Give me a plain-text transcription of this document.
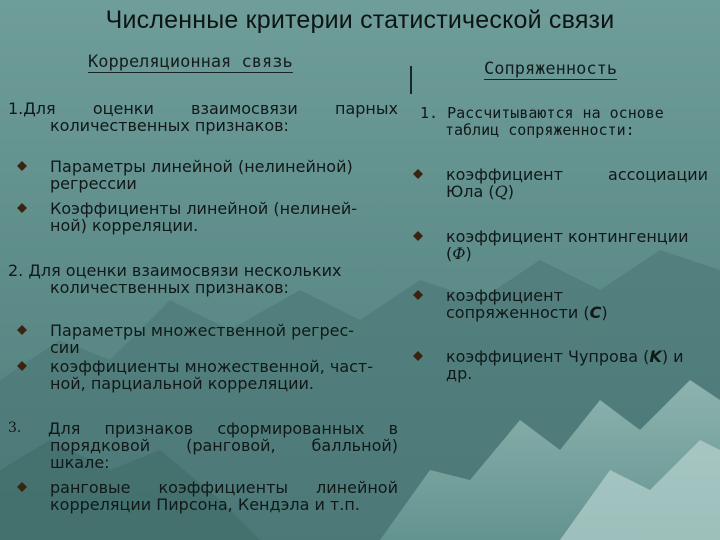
Численные критерии статистической связи
Корреляционная связь	Сопряженность
1.Для оценки взаимосвязи парных
количественных признаков:
Параметры линейной (нелинейной)
регрессии
Коэффициенты линейной (нелиней-
ной) корреляции.
2. Для оценки взаимосвязи нескольких
количественных признаков:
Параметры множественной регрес-
сии
коэффициенты множественной, част-
ной, парциальной корреляции.
3.	Для признаков сформированных в
порядковой (ранговой, балльной)
шкале:
ранговые коэффициенты линейной
корреляции Пирсона, Кендэла и т.п.
1. Рассчитываются на основе
таблиц сопряженности:
коэффициент	ассоциации
Юла (Q)
коэффициент контингенции
(Ф)
коэффициент
сопряженности (C)
коэффициент Чупрова (K) и
др.
